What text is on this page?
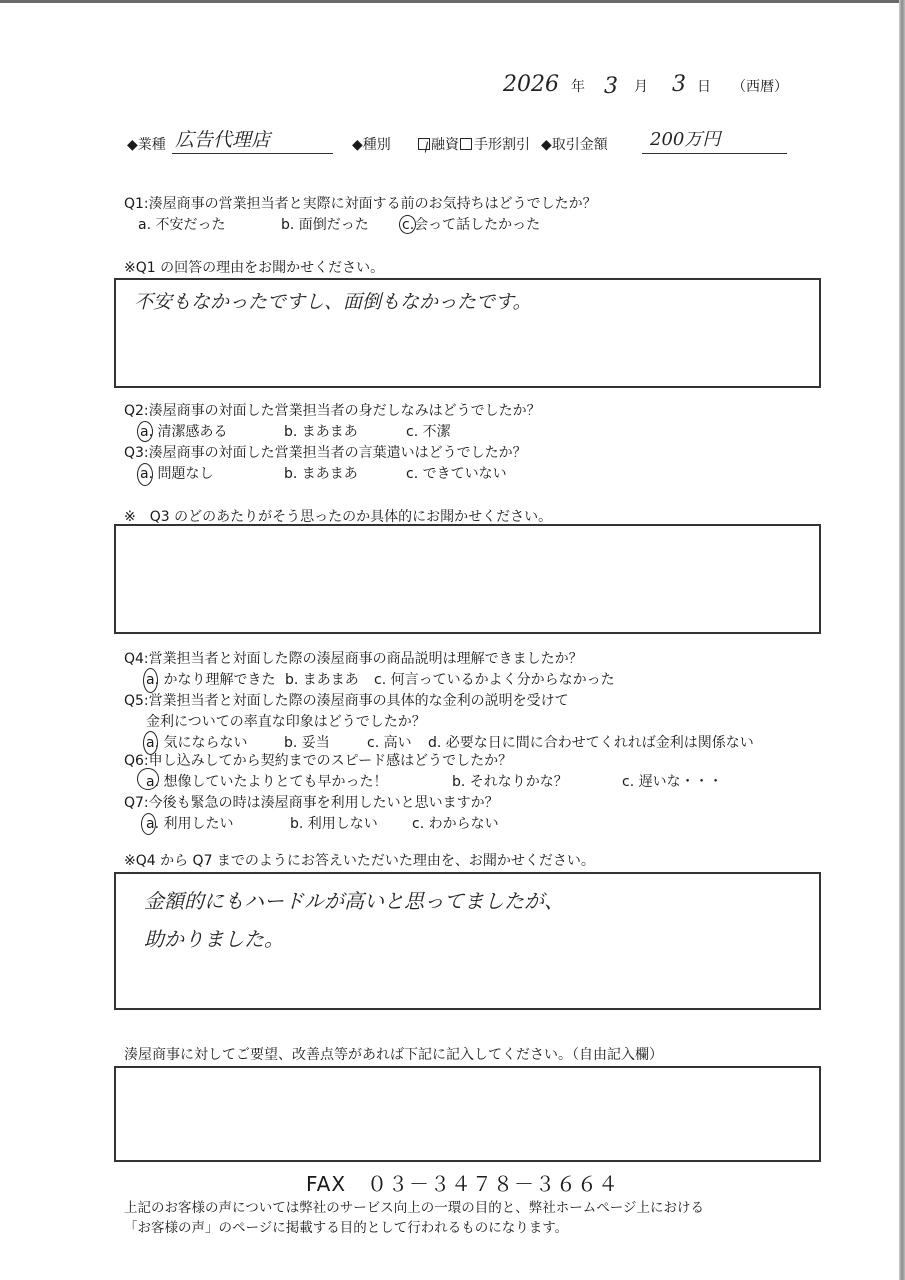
2026 年 3 月 3 日 （西暦）
◆業種 広告代理店	◆種別	融資 手形割引 ◆取引金額 200万円
Q1:湊屋商事の営業担当者と実際に対面する前のお気持ちはどうでしたか？
a. 不安だった	b. 面倒だった c.会って話したかった
※Q1 の回答の理由をお聞かせください。
不安もなかったですし、面倒もなかったです。
Q2:湊屋商事の対面した営業担当者の身だしなみはどうでしたか？
a. 清潔感ある	b. まあまあ	c. 不潔
Q3:湊屋商事の対面した営業担当者の言葉遣いはどうでしたか？
a. 問題なし	b. まあまあ	c. できていない
※　Q3 のどのあたりがそう思ったのか具体的にお聞かせください。
Q4:営業担当者と対面した際の湊屋商事の商品説明は理解できましたか？
a. かなり理解できた b. まあまあ c. 何言っているかよく分からなかった
Q5:営業担当者と対面した際の湊屋商事の具体的な金利の説明を受けて
金利についての率直な印象はどうでしたか？
a. 気にならない	b. 妥当	c. 高い d. 必要な日に間に合わせてくれれば金利は関係ない
Q6:申し込みしてから契約までのスピード感はどうでしたか？
a. 想像していたよりとても早かった！	b. それなりかな？	c. 遅いな・・・
Q7:今後も緊急の時は湊屋商事を利用したいと思いますか？
a. 利用したい	b. 利用しない c. わからない
※Q4 から Q7 までのようにお答えいただいた理由を、お聞かせください。
金額的にもハードルが高いと思ってましたが、
助かりました。
湊屋商事に対してご要望、改善点等があれば下記に記入してください。（自由記入欄）
FAX　０３－３４７８－３６６４
上記のお客様の声については弊社のサービス向上の一環の目的と、弊社ホームページ上における
「お客様の声」のページに掲載する目的として行われるものになります。
